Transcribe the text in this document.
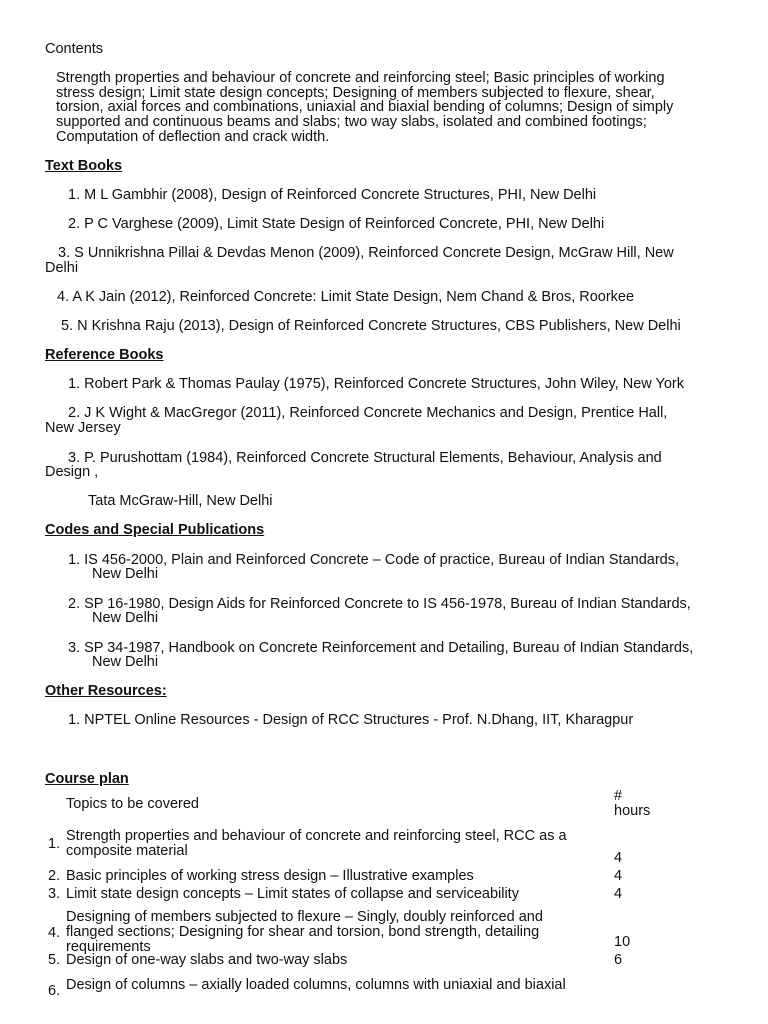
Contents
Strength properties and behaviour of concrete and reinforcing steel; Basic principles of working
stress design; Limit state design concepts; Designing of members subjected to flexure, shear,
torsion, axial forces and combinations, uniaxial and biaxial bending of columns; Design of simply
supported and continuous beams and slabs; two way slabs, isolated and combined footings;
Computation of deflection and crack width.
Text Books
1. M L Gambhir (2008), Design of Reinforced Concrete Structures, PHI, New Delhi
2. P C Varghese (2009), Limit State Design of Reinforced Concrete, PHI, New Delhi
3. S Unnikrishna Pillai & Devdas Menon (2009), Reinforced Concrete Design, McGraw Hill, New
Delhi
4. A K Jain (2012), Reinforced Concrete: Limit State Design, Nem Chand & Bros, Roorkee
5. N Krishna Raju (2013), Design of Reinforced Concrete Structures, CBS Publishers, New Delhi
Reference Books
1. Robert Park & Thomas Paulay (1975), Reinforced Concrete Structures, John Wiley, New York
2. J K Wight & MacGregor (2011), Reinforced Concrete Mechanics and Design, Prentice Hall,
New Jersey
3. P. Purushottam (1984), Reinforced Concrete Structural Elements, Behaviour, Analysis and
Design ,
Tata McGraw-Hill, New Delhi
Codes and Special Publications
1. IS 456-2000, Plain and Reinforced Concrete – Code of practice, Bureau of Indian Standards,
New Delhi
2. SP 16-1980, Design Aids for Reinforced Concrete to IS 456-1978, Bureau of Indian Standards,
New Delhi
3. SP 34-1987, Handbook on Concrete Reinforcement and Detailing, Bureau of Indian Standards,
New Delhi
Other Resources:
1. NPTEL Online Resources - Design of RCC Structures - Prof. N.Dhang, IIT, Kharagpur
Course plan
Topics to be covered	#
hours
1. Strength properties and behaviour of concrete and reinforcing steel, RCC as a
composite material	4
2. Basic principles of working stress design – Illustrative examples	4
3. Limit state design concepts – Limit states of collapse and serviceability	4
4.
Designing of members subjected to flexure – Singly, doubly reinforced and
flanged sections; Designing for shear and torsion, bond strength, detailing
requirements	10
5. Design of one-way slabs and two-way slabs	6
6. Design of columns – axially loaded columns, columns with uniaxial and biaxial
